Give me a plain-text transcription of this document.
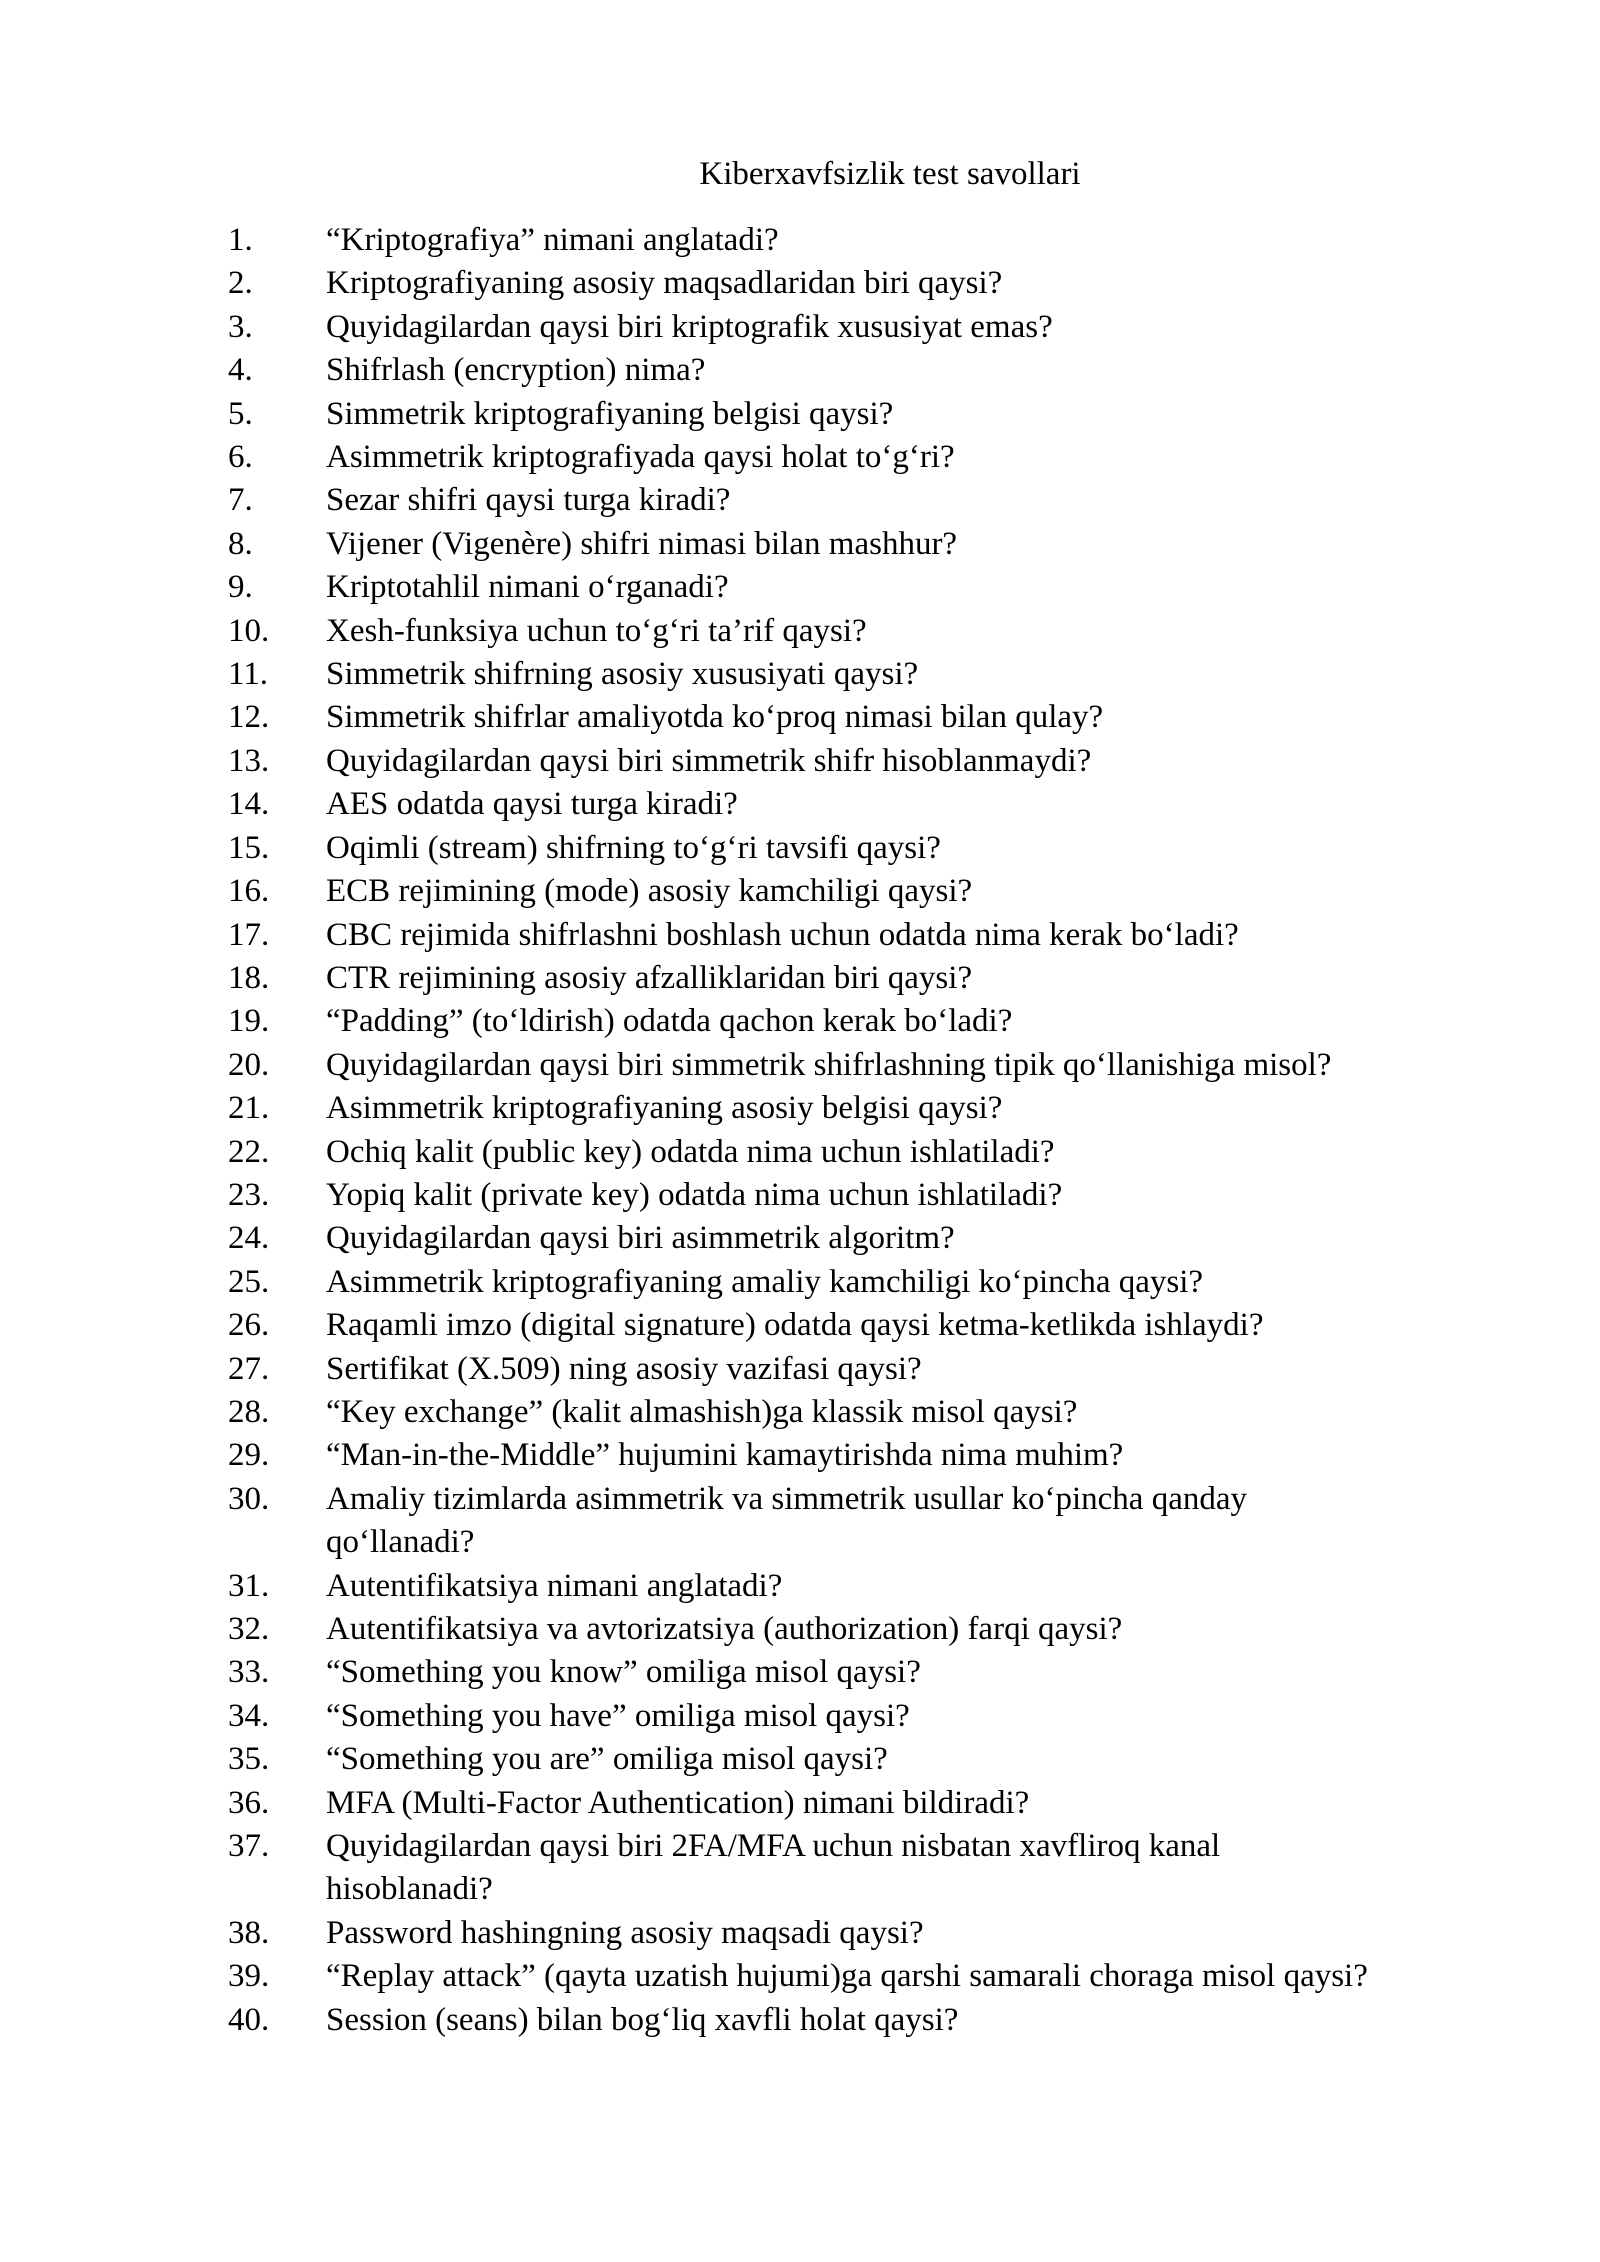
Kiberxavfsizlik test savollari
1.	“Kriptografiya” nimani anglatadi?
2.	Kriptografiyaning asosiy maqsadlaridan biri qaysi?
3.	Quyidagilardan qaysi biri kriptografik xususiyat emas?
4.	Shifrlash (encryption) nima?
5.	Simmetrik kriptografiyaning belgisi qaysi?
6.	Asimmetrik kriptografiyada qaysi holat to‘g‘ri?
7.	Sezar shifri qaysi turga kiradi?
8.	Vijener (Vigenère) shifri nimasi bilan mashhur?
9.	Kriptotahlil nimani o‘rganadi?
10.	Xesh-funksiya uchun to‘g‘ri ta’rif qaysi?
11.	Simmetrik shifrning asosiy xususiyati qaysi?
12.	Simmetrik shifrlar amaliyotda ko‘proq nimasi bilan qulay?
13.	Quyidagilardan qaysi biri simmetrik shifr hisoblanmaydi?
14.	AES odatda qaysi turga kiradi?
15.	Oqimli (stream) shifrning to‘g‘ri tavsifi qaysi?
16.	ECB rejimining (mode) asosiy kamchiligi qaysi?
17.	CBC rejimida shifrlashni boshlash uchun odatda nima kerak bo‘ladi?
18.	CTR rejimining asosiy afzalliklaridan biri qaysi?
19.	“Padding” (to‘ldirish) odatda qachon kerak bo‘ladi?
20.	Quyidagilardan qaysi biri simmetrik shifrlashning tipik qo‘llanishiga misol?
21.	Asimmetrik kriptografiyaning asosiy belgisi qaysi?
22.	Ochiq kalit (public key) odatda nima uchun ishlatiladi?
23.	Yopiq kalit (private key) odatda nima uchun ishlatiladi?
24.	Quyidagilardan qaysi biri asimmetrik algoritm?
25.	Asimmetrik kriptografiyaning amaliy kamchiligi ko‘pincha qaysi?
26.	Raqamli imzo (digital signature) odatda qaysi ketma-ketlikda ishlaydi?
27.	Sertifikat (X.509) ning asosiy vazifasi qaysi?
28.	“Key exchange” (kalit almashish)ga klassik misol qaysi?
29.	“Man-in-the-Middle” hujumini kamaytirishda nima muhim?
30.	Amaliy tizimlarda asimmetrik va simmetrik usullar ko‘pincha qanday qo‘llanadi?
31.	Autentifikatsiya nimani anglatadi?
32.	Autentifikatsiya va avtorizatsiya (authorization) farqi qaysi?
33.	“Something you know” omiliga misol qaysi?
34.	“Something you have” omiliga misol qaysi?
35.	“Something you are” omiliga misol qaysi?
36.	MFA (Multi-Factor Authentication) nimani bildiradi?
37.	Quyidagilardan qaysi biri 2FA/MFA uchun nisbatan xavfliroq kanal hisoblanadi?
38.	Password hashingning asosiy maqsadi qaysi?
39.	“Replay attack” (qayta uzatish hujumi)ga qarshi samarali choraga misol qaysi?
40.	Session (seans) bilan bog‘liq xavfli holat qaysi?
